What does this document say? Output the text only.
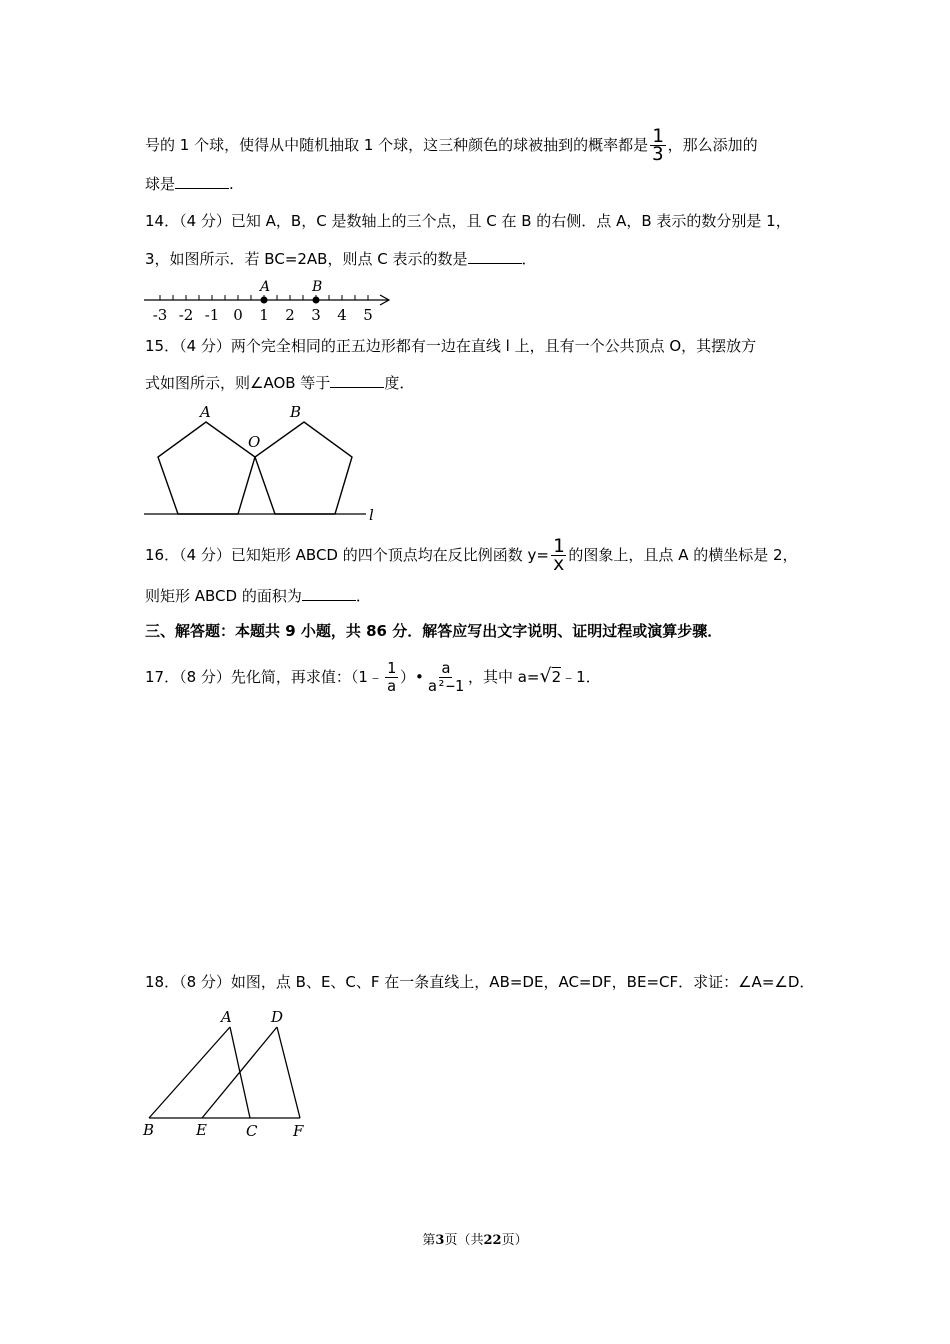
号的 1 个球，使得从中随机抽取 1 个球，这三种颜色的球被抽到的概率都是 $\frac{1}{3}$ ，那么添加的
球是	.
14．（4 分）已知 A，B，C 是数轴上的三个点，且 C 在 B 的右侧．点 A，B 表示的数分别是 1，
3，如图所示．若 BC=2AB，则点 C 表示的数是	．
-3 -2 -1 0 1 2 3 4 5
A	B
15．（4 分）两个完全相同的正五边形都有一边在直线 l 上，且有一个公共顶点 O，其摆放方
式如图所示，则∠AOB 等于	度．
A	B
O
l
16．（4 分）已知矩形 ABCD 的四个顶点均在反比例函数 $y= \frac{1}{x}$ 的图象上，且点 A 的横坐标是 2，
则矩形 ABCD 的面积为	．
三、解答题：本题共 9 小题，共 86 分．解答应写出文字说明、证明过程或演算步骤．
17．（8 分）先化简，再求值：（1﹣ $\frac{1}{a}$ ）• $\frac{a}{\text{a²−1}}$ ，其中 a=√2﹣1．
18．（8 分）如图，点 B、E、C、F 在一条直线上，AB=DE，AC=DF，BE=CF．求证：∠A=∠D．
A	D
B	E	C F
第3页（共22页）
